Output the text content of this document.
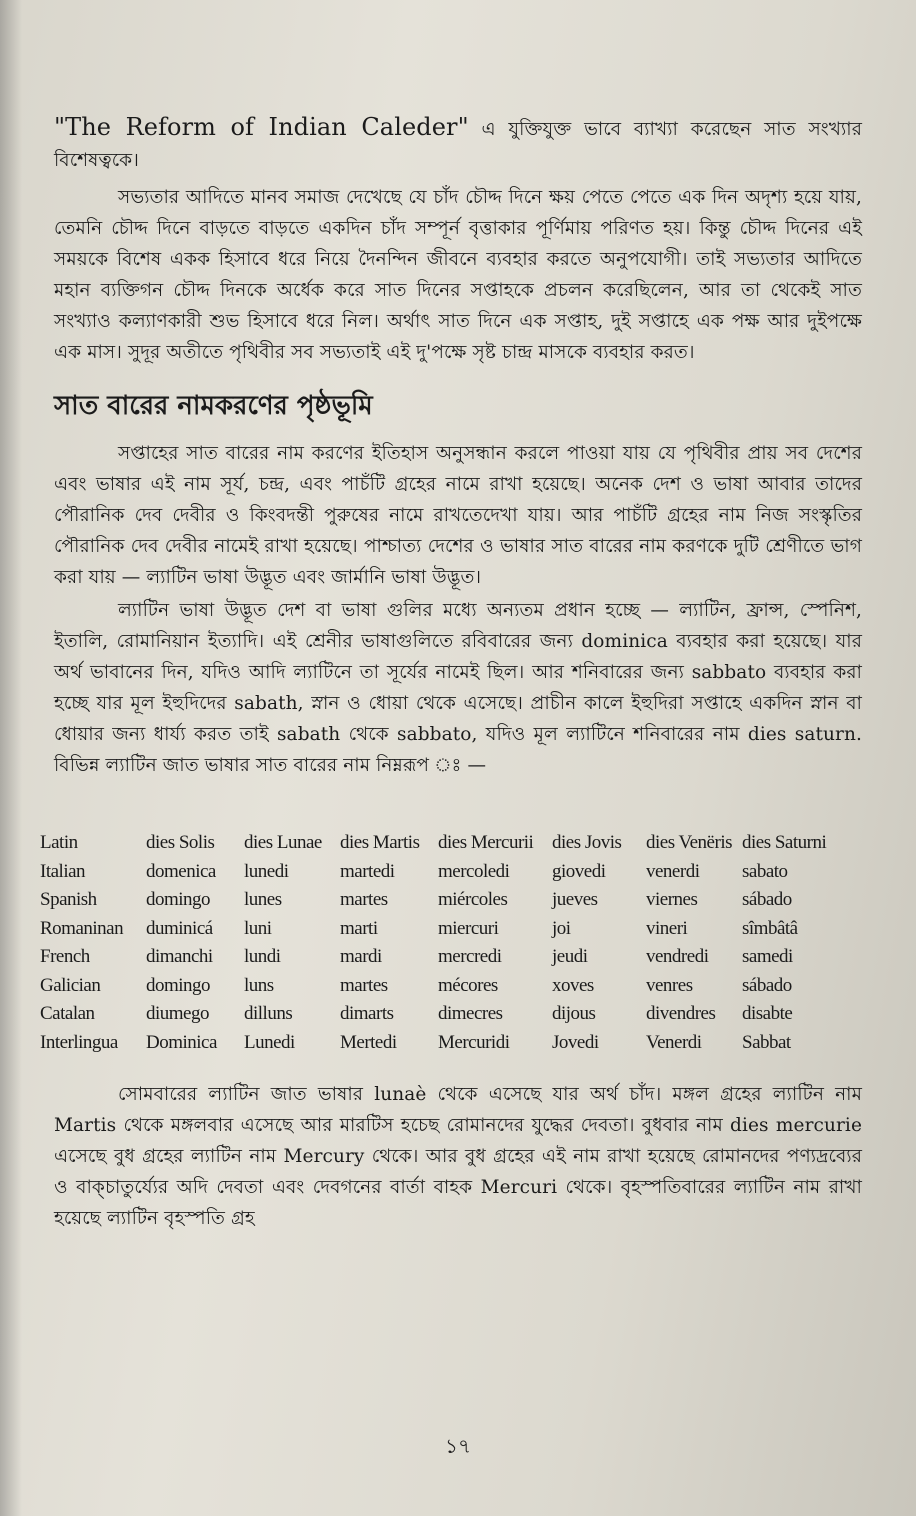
"The Reform of Indian Caleder" এ যুক্তিযুক্ত ভাবে ব্যাখ্যা করেছেন সাত সংখ্যার বিশেষত্বকে।

সভ্যতার আদিতে মানব সমাজ দেখেছে যে চাঁদ চৌদ্দ দিনে ক্ষয় পেতে পেতে এক দিন অদৃশ্য হয়ে যায়, তেমনি চৌদ্দ দিনে বাড়তে বাড়তে একদিন চাঁদ সম্পূর্ন বৃত্তাকার পূর্ণিমায় পরিণত হয়। কিন্তু চৌদ্দ দিনের এই সময়কে বিশেষ একক হিসাবে ধরে নিয়ে দৈনন্দিন জীবনে ব্যবহার করতে অনুপযোগী। তাই সভ্যতার আদিতে মহান ব্যক্তিগন চৌদ্দ দিনকে অর্ধেক করে সাত দিনের সপ্তাহকে প্রচলন করেছিলেন, আর তা থেকেই সাত সংখ্যাও কল্যাণকারী শুভ হিসাবে ধরে নিল। অর্থাৎ সাত দিনে এক সপ্তাহ, দুই সপ্তাহে এক পক্ষ আর দুইপক্ষে এক মাস। সুদূর অতীতে পৃথিবীর সব সভ্যতাই এই দু'পক্ষে সৃষ্ট চান্দ্র মাসকে ব্যবহার করত।

সাত বারের নামকরণের পৃষ্ঠভূমি

সপ্তাহের সাত বারের নাম করণের ইতিহাস অনুসন্ধান করলে পাওয়া যায় যে পৃথিবীর প্রায় সব দেশের এবং ভাষার এই নাম সূর্য, চন্দ্র, এবং পাচঁটি গ্রহের নামে রাখা হয়েছে। অনেক দেশ ও ভাষা আবার তাদের পৌরানিক দেব দেবীর ও কিংবদন্তী পুরুষের নামে রাখতেদেখা যায়। আর পাচঁটি গ্রহের নাম নিজ সংস্কৃতির পৌরানিক দেব দেবীর নামেই রাখা হয়েছে। পাশ্চাত্য দেশের ও ভাষার সাত বারের নাম করণকে দুটি শ্রেণীতে ভাগ করা যায় — ল্যাটিন ভাষা উদ্ভূত এবং জার্মানি ভাষা উদ্ভূত।

ল্যাটিন ভাষা উদ্ভূত দেশ বা ভাষা গুলির মধ্যে অন্যতম প্রধান হচ্ছে — ল্যাটিন, ফ্রান্স, স্পেনিশ, ইতালি, রোমানিয়ান ইত্যাদি। এই শ্রেনীর ভাষাগুলিতে রবিবারের জন্য dominica ব্যবহার করা হয়েছে। যার অর্থ ভাবানের দিন, যদিও আদি ল্যাটিনে তা সূর্যের নামেই ছিল। আর শনিবারের জন্য sabbato ব্যবহার করা হচ্ছে যার মূল ইহুদিদের sabath, স্নান ও ধোয়া থেকে এসেছে। প্রাচীন কালে ইহুদিরা সপ্তাহে একদিন স্নান বা ধোয়ার জন্য ধার্য্য করত তাই sabath থেকে sabbato, যদিও মূল ল্যাটিনে শনিবারের নাম dies saturn. বিভিন্ন ল্যাটিন জাত ভাষার সাত বারের নাম নিম্নরূপ ঃ —

Latin	dies Solis	dies Lunae	dies Martis	dies Mercurii	dies Jovis	dies Venëris	dies Saturni
Italian	domenica	lunedi	martedi	mercoledi	giovedi	venerdi	sabato
Spanish	domingo	lunes	martes	miércoles	jueves	viernes	sábado
Romaninan	duminicá	luni	marti	miercuri	joi	vineri	sîmbâtâ
French	dimanchi	lundi	mardi	mercredi	jeudi	vendredi	samedi
Galician	domingo	luns	martes	mécores	xoves	venres	sábado
Catalan	diumego	dilluns	dimarts	dimecres	dijous	divendres	disabte
Interlingua	Dominica	Lunedi	Mertedi	Mercuridi	Jovedi	Venerdi	Sabbat

সোমবারের ল্যাটিন জাত ভাষার lunaè থেকে এসেছে যার অর্থ চাঁদ। মঙ্গল গ্রহের ল্যাটিন নাম Martis থেকে মঙ্গলবার এসেছে আর মারটিস হচেছ রোমানদের যুদ্ধের দেবতা। বুধবার নাম dies mercurie এসেছে বুধ গ্রহের ল্যাটিন নাম Mercury থেকে। আর বুধ গ্রহের এই নাম রাখা হয়েছে রোমানদের পণ্যদ্রব্যের ও বাক্চাতুর্য্যের অদি দেবতা এবং দেবগনের বার্তা বাহক Mercuri থেকে। বৃহস্পতিবারের ল্যাটিন নাম রাখা হয়েছে ল্যাটিন বৃহস্পতি গ্রহ

১৭
